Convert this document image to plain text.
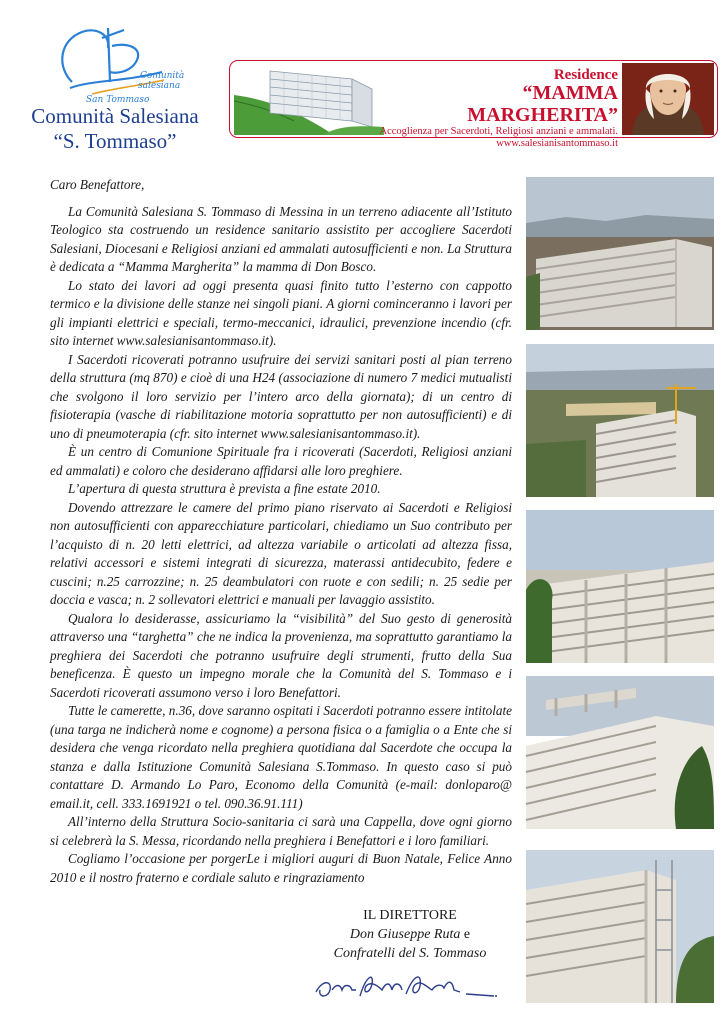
Comunità
salesiana
San Tommaso
Comunità Salesiana
“S. Tommaso”
Residence
“MAMMA MARGHERITA”
Accoglienza per Sacerdoti, Religiosi anziani e ammalati.
www.salesianisantommaso.it

Caro Benefattore,

La Comunità Salesiana S. Tommaso di Messina in un terreno adiacente all’Istituto Teologico sta costruendo un residence sanitario assistito per accogliere Sacerdoti Salesiani, Diocesani e Religiosi anziani ed ammalati autosufficienti e non. La Struttura è dedicata a “Mamma Margherita” la mamma di Don Bosco.

Lo stato dei lavori ad oggi presenta quasi finito tutto l’esterno con cappotto termico e la divisione delle stanze nei singoli piani. A giorni cominceranno i lavori per gli impianti elettrici e speciali, termo-meccanici, idraulici, prevenzione incendio (cfr. sito internet www.salesianisantommaso.it).

I Sacerdoti ricoverati potranno usufruire dei servizi sanitari posti al pian terreno della struttura (mq 870) e cioè di una H24 (associazione di numero 7 medici mutualisti che svolgono il loro servizio per l’intero arco della giornata); di un centro di fisioterapia (vasche di riabilitazione motoria soprattutto per non autosufficienti) e di uno di pneumoterapia (cfr. sito internet www.salesianisantommaso.it).

È un centro di Comunione Spirituale fra i ricoverati (Sacerdoti, Religiosi anziani ed ammalati) e coloro che desiderano affidarsi alle loro preghiere.

L’apertura di questa struttura è prevista a fine estate 2010.

Dovendo attrezzare le camere del primo piano riservato ai Sacerdoti e Religiosi non autosufficienti con apparecchiature particolari, chiediamo un Suo contributo per l’acquisto di n. 20 letti elettrici, ad altezza variabile o articolati ad altezza fissa, relativi accessori e sistemi integrati di sicurezza, materassi antidecubito, federe e cuscini; n.25 carrozzine; n. 25 deambulatori con ruote e con sedili; n. 25 sedie per doccia e vasca; n. 2 sollevatori elettrici e manuali per lavaggio assistito.

Qualora lo desiderasse, assicuriamo la “visibilità” del Suo gesto di generosità attraverso una “targhetta” che ne indica la provenienza, ma soprattutto garantiamo la preghiera dei Sacerdoti che potranno usufruire degli strumenti, frutto della Sua beneficenza. È questo un impegno morale che la Comunità del S. Tommaso e i Sacerdoti ricoverati assumono verso i loro Benefattori.

Tutte le camerette, n.36, dove saranno ospitati i Sacerdoti potranno essere intitolate (una targa ne indicherà nome e cognome) a persona fisica o a famiglia o a Ente che si desidera che venga ricordato nella preghiera quotidiana dal Sacerdote che occupa la stanza e dalla Istituzione Comunità Salesiana S.Tommaso. In questo caso si può contattare D. Armando Lo Paro, Economo della Comunità (e-mail: donloparo@ email.it, cell. 333.1691921 o tel. 090.36.91.111)

All’interno della Struttura Socio-sanitaria ci sarà una Cappella, dove ogni giorno si celebrerà la S. Messa, ricordando nella preghiera i Benefattori e i loro familiari.

Cogliamo l’occasione per porgerLe i migliori auguri di Buon Natale, Felice Anno 2010 e il nostro fraterno e cordiale saluto e ringraziamento

IL DIRETTORE
Don Giuseppe Ruta e
Confratelli del S. Tommaso
